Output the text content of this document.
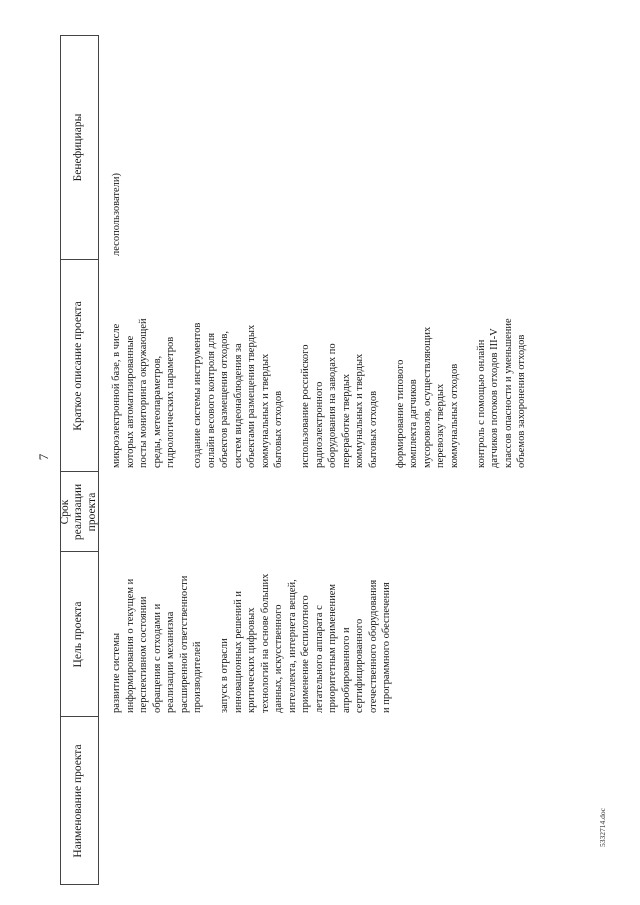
7
5332714.doc
Наименование проекта
Цель проекта
Срок реализации проекта
Краткое описание проекта
Бенефициары
развитие системы
информирования о текущем и
перспективном состоянии
обращения с отходами и
реализации механизма
расширенной ответственности
производителей запуск в отрасли
инновационных решений и
критических цифровых
технологий на основе больших
данных, искусственного
интеллекта, интернета вещей,
применение беспилотного
летательного аппарата с
приоритетным применением
апробированного и
сертифицированного
отечественного оборудования
и программного обеспечения
микроэлектронной базе, в числе
которых автоматизированные
посты мониторинга окружающей
среды, метеопараметров,
гидрологических параметров
создание системы инструментов
онлайн весового контроля для
объектов размещения отходов,
систем видеонаблюдения за
объектами размещения твердых
коммунальных и твердых
бытовых отходов использование российского
радиоэлектронного
оборудования на заводах по
переработке твердых
коммунальных и твердых
бытовых отходов формирование типового
комплекта датчиков
мусоровозов, осуществляющих
перевозку твердых
коммунальных отходов
контроль с помощью онлайн
датчиков потоков отходов III-V
классов опасности и уменьшение
объемов захоронения отходов
лесопользователи)
